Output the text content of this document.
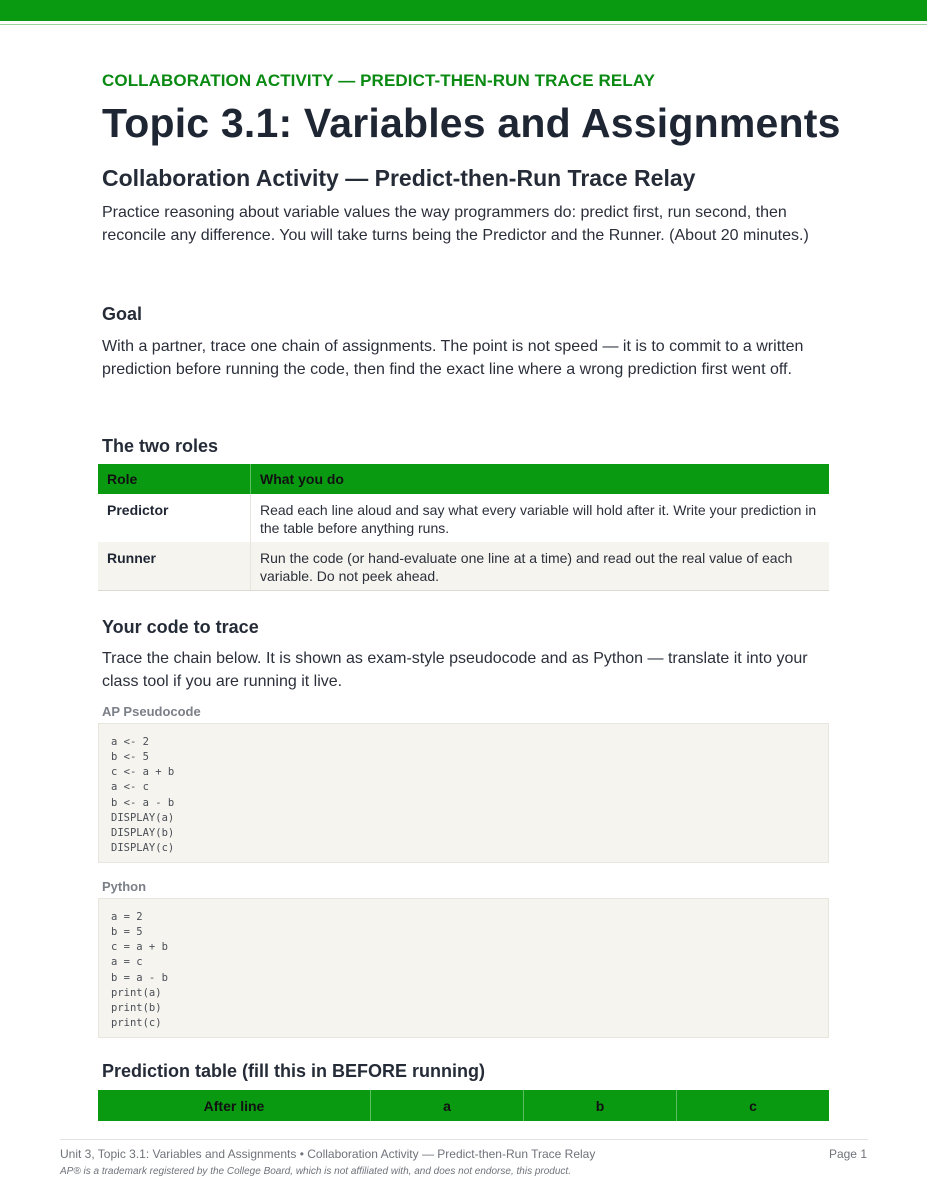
COLLABORATION ACTIVITY — PREDICT-THEN-RUN TRACE RELAY
Topic 3.1: Variables and Assignments
Collaboration Activity — Predict-then-Run Trace Relay

Practice reasoning about variable values the way programmers do: predict first, run second, then reconcile any difference. You will take turns being the Predictor and the Runner. (About 20 minutes.)

Goal

With a partner, trace one chain of assignments. The point is not speed — it is to commit to a written prediction before running the code, then find the exact line where a wrong prediction first went off.

The two roles
Role	What you do
Predictor	Read each line aloud and say what every variable will hold after it. Write your prediction in the table before anything runs.
Runner	Run the code (or hand-evaluate one line at a time) and read out the real value of each variable. Do not peek ahead.
Your code to trace

Trace the chain below. It is shown as exam-style pseudocode and as Python — translate it into your class tool if you are running it live.

AP Pseudocode
a <- 2
b <- 5
c <- a + b
a <- c
b <- a - b
DISPLAY(a)
DISPLAY(b)
DISPLAY(c)
Python
a = 2
b = 5
c = a + b
a = c
b = a - b
print(a)
print(b)
print(c)
Prediction table (fill this in BEFORE running)
After line	a	b	c
Unit 3, Topic 3.1: Variables and Assignments • Collaboration Activity — Predict-then-Run Trace Relay	Page 1
AP® is a trademark registered by the College Board, which is not affiliated with, and does not endorse, this product.
